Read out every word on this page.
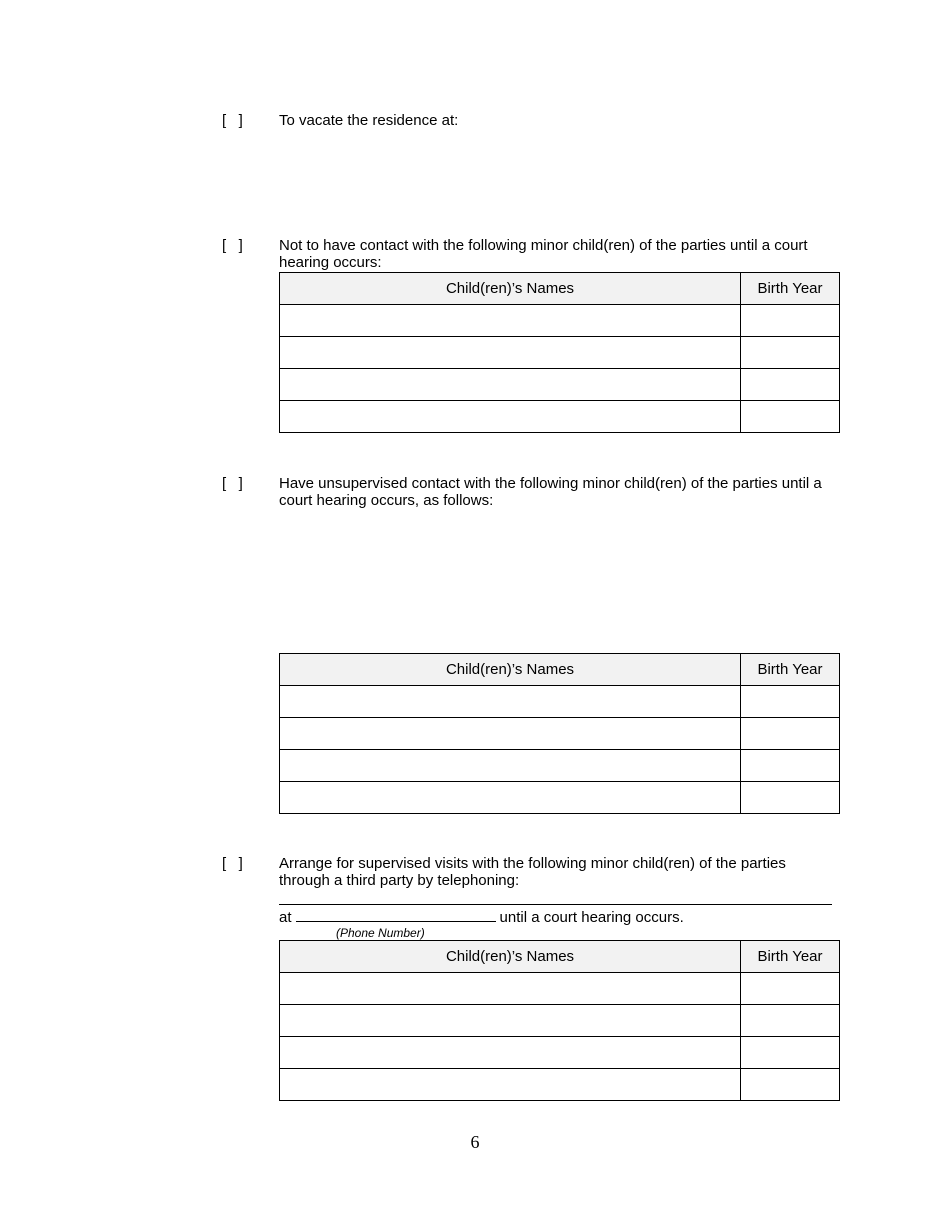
[   ] To vacate the residence at:
[   ] Not to have contact with the following minor child(ren) of the parties until a court hearing occurs:
Child(ren)’s Names	Birth Year

[   ] Have unsupervised contact with the following minor child(ren) of the parties until a court hearing occurs, as follows:
Child(ren)’s Names	Birth Year

[   ] Arrange for supervised visits with the following minor child(ren) of the parties through a third party by telephoning:
at	until a court hearing occurs.
(Phone Number)
Child(ren)’s Names	Birth Year

6
